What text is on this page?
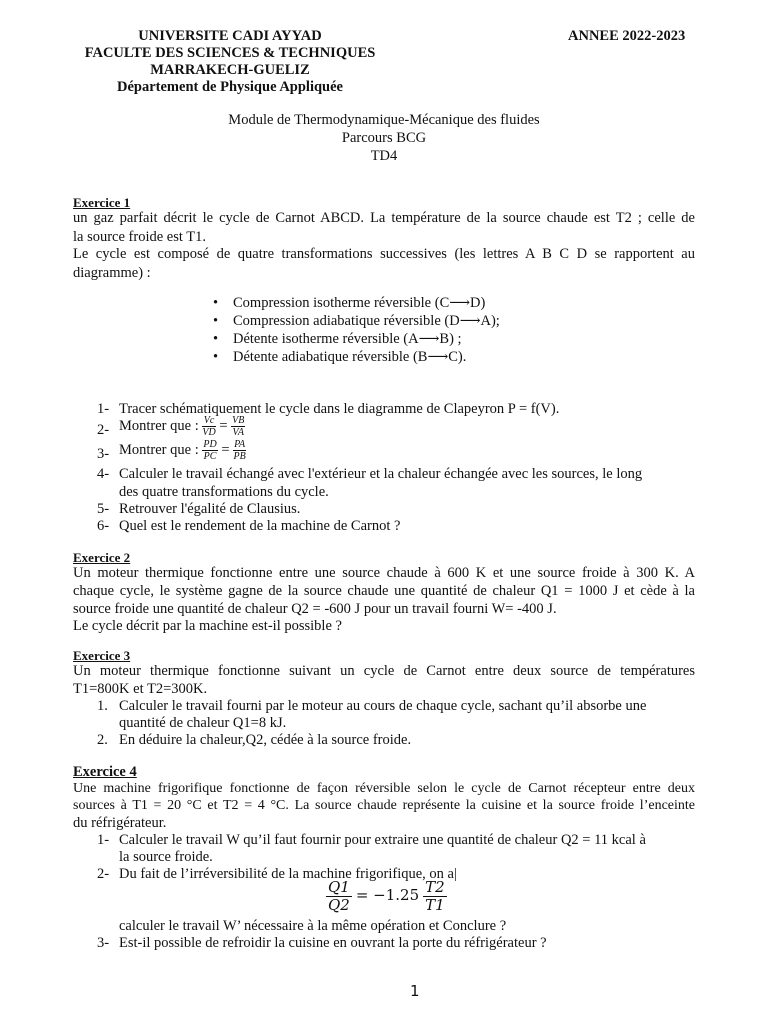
UNIVERSITE CADI AYYAD
FACULTE DES SCIENCES & TECHNIQUES
MARRAKECH-GUELIZ
Département de Physique Appliquée
ANNEE 2022-2023
Module de Thermodynamique-Mécanique des fluides
Parcours BCG
TD4
Exercice 1
un gaz parfait décrit le cycle de Carnot ABCD. La température de la source chaude est T2 ; celle de
la source froide est T1.
Le cycle est composé de quatre transformations successives (les lettres A B C D se rapportent au
diagramme) :
• Compression isotherme réversible (C⟶D)
• Compression adiabatique réversible (D⟶A);
• Détente isotherme réversible (A⟶B) ;
• Détente adiabatique réversible (B⟶C).
1- Tracer schématiquement le cycle dans le diagramme de Clapeyron P = f(V).
2- Montrer que : $\frac{Vc}{VD} = \frac{VB}{VA}$
3- Montrer que : $\frac{PD}{PC} = \frac{PA}{PB}$
4- Calculer le travail échangé avec l'extérieur et la chaleur échangée avec les sources, le long
des quatre transformations du cycle.
5- Retrouver l'égalité de Clausius.
6- Quel est le rendement de la machine de Carnot ?
Exercice 2
Un moteur thermique fonctionne entre une source chaude à 600 K et une source froide à 300 K. A
chaque cycle, le système gagne de la source chaude une quantité de chaleur Q1 = 1000 J et cède à la
source froide une quantité de chaleur Q2 = -600 J pour un travail fourni W= -400 J.
Le cycle décrit par la machine est-il possible ?
Exercice 3
Un moteur thermique fonctionne suivant un cycle de Carnot entre deux source de températures
T1=800K et T2=300K.
1. Calculer le travail fourni par le moteur au cours de chaque cycle, sachant qu’il absorbe une
quantité de chaleur Q1=8 kJ.
2. En déduire la chaleur,Q2, cédée à la source froide.
Exercice 4
Une machine frigorifique fonctionne de façon réversible selon le cycle de Carnot récepteur entre deux
sources à T1 = 20 °C et T2 = 4 °C. La source chaude représente la cuisine et la source froide l’enceinte
du réfrigérateur.
1- Calculer le travail W qu’il faut fournir pour extraire une quantité de chaleur Q2 = 11 kcal à
la source froide.
2- Du fait de l’irréversibilité de la machine frigorifique, on a|
$\frac{Q1}{Q2} = -1.25 \frac{T2}{T1}$
calculer le travail W’ nécessaire à la même opération et Conclure ?
3- Est-il possible de refroidir la cuisine en ouvrant la porte du réfrigérateur ?
1
